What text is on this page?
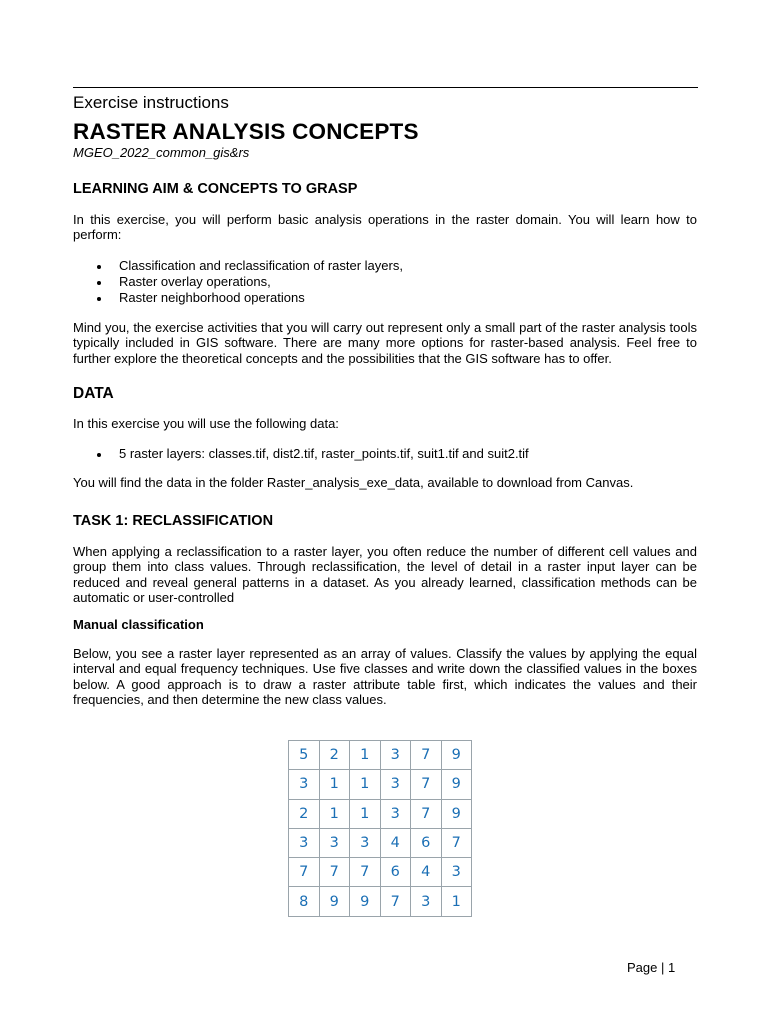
Exercise instructions
RASTER ANALYSIS CONCEPTS
MGEO_2022_common_gis&rs
LEARNING AIM & CONCEPTS TO GRASP
In this exercise, you will perform basic analysis operations in the raster domain. You will learn how to perform:
Classification and reclassification of raster layers,
Raster overlay operations,
Raster neighborhood operations
Mind you, the exercise activities that you will carry out represent only a small part of the raster analysis tools typically included in GIS software. There are many more options for raster-based analysis. Feel free to further explore the theoretical concepts and the possibilities that the GIS software has to offer.
DATA
In this exercise you will use the following data:
5 raster layers: classes.tif, dist2.tif, raster_points.tif, suit1.tif and suit2.tif
You will find the data in the folder Raster_analysis_exe_data, available to download from Canvas.
TASK 1: RECLASSIFICATION
When applying a reclassification to a raster layer, you often reduce the number of different cell values and group them into class values. Through reclassification, the level of detail in a raster input layer can be reduced and reveal general patterns in a dataset. As you already learned, classification methods can be automatic or user-controlled
Manual classification
Below, you see a raster layer represented as an array of values. Classify the values by applying the equal interval and equal frequency techniques. Use five classes and write down the classified values in the boxes below. A good approach is to draw a raster attribute table first, which indicates the values and their frequencies, and then determine the new class values.
5	2	1	3	7	9
3	1	1	3	7	9
2	1	1	3	7	9
3	3	3	4	6	7
7	7	7	6	4	3
8	9	9	7	3	1
Page | 1
